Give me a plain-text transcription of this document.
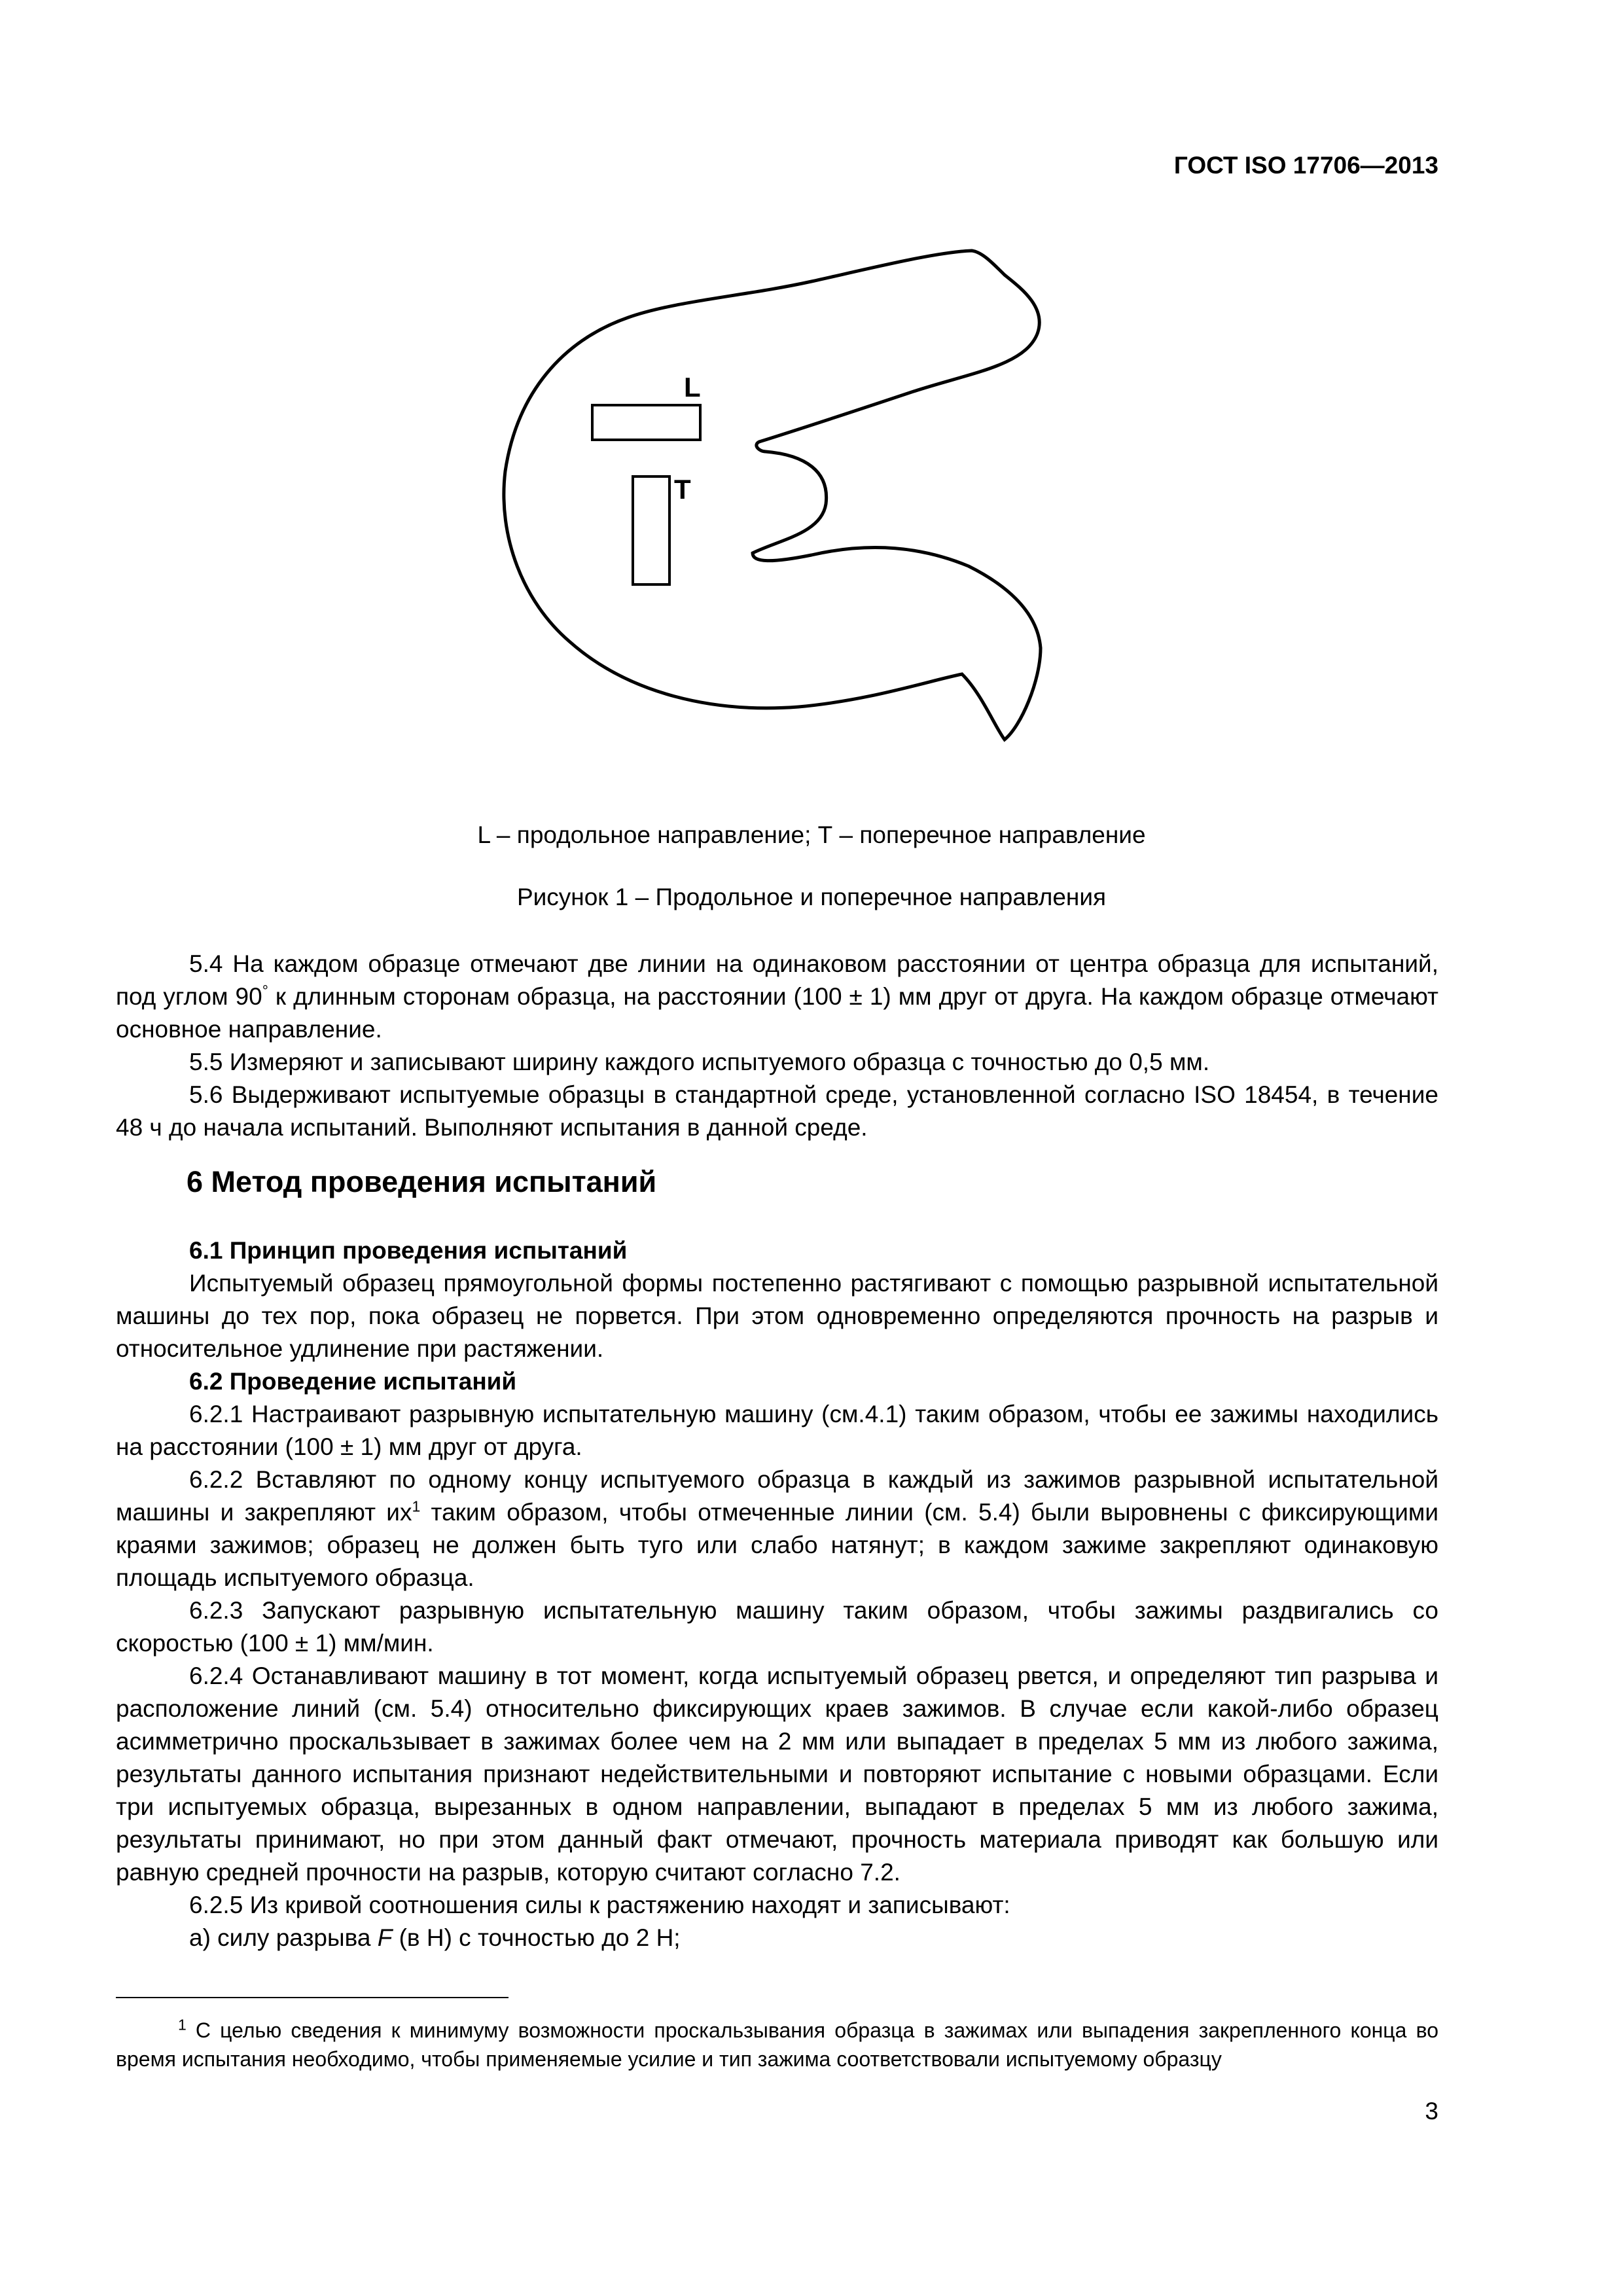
ГОСТ ISO 17706—2013
L
T
L – продольное направление; Т – поперечное направление
Рисунок 1 – Продольное и поперечное направления

5.4 На каждом образце отмечают две линии на одинаковом расстоянии от центра образца для испытаний, под углом 90° к длинным сторонам образца, на расстоянии (100 ± 1) мм друг от друга. На каждом образце отмечают основное направление.

5.5 Измеряют и записывают ширину каждого испытуемого образца с точностью до 0,5 мм.

5.6 Выдерживают испытуемые образцы в стандартной среде, установленной согласно ISO 18454, в течение 48 ч до начала испытаний. Выполняют испытания в данной среде.

6 Метод проведения испытаний

6.1 Принцип проведения испытаний

Испытуемый образец прямоугольной формы постепенно растягивают с помощью разрывной испытательной машины до тех пор, пока образец не порвется. При этом одновременно определяются прочность на разрыв и относительное удлинение при растяжении.

6.2 Проведение испытаний

6.2.1 Настраивают разрывную испытательную машину (см.4.1) таким образом, чтобы ее зажимы находились на расстоянии (100 ± 1) мм друг от друга.

6.2.2 Вставляют по одному концу испытуемого образца в каждый из зажимов разрывной испытательной машины и закрепляют $их^1$ таким образом, чтобы отмеченные линии (см. 5.4) были выровнены с фиксирующими краями зажимов; образец не должен быть туго или слабо натянут; в каждом зажиме закрепляют одинаковую площадь испытуемого образца.

6.2.3 Запускают разрывную испытательную машину таким образом, чтобы зажимы раздвигались со скоростью (100 ± 1) мм/мин.

6.2.4 Останавливают машину в тот момент, когда испытуемый образец рвется, и определяют тип разрыва и расположение линий (см. 5.4) относительно фиксирующих краев зажимов. В случае если какой-либо образец асимметрично проскальзывает в зажимах более чем на 2 мм или выпадает в пределах 5 мм из любого зажима, результаты данного испытания признают недействительными и повторяют испытание с новыми образцами. Если три испытуемых образца, вырезанных в одном направлении, выпадают в пределах 5 мм из любого зажима, результаты принимают, но при этом данный факт отмечают, прочность материала приводят как большую или равную средней прочности на разрыв, которую считают согласно 7.2.

6.2.5 Из кривой соотношения силы к растяжению находят и записывают:

а) силу разрыва F (в Н) с точностью до 2 Н;

$^1$ С целью сведения к минимуму возможности проскальзывания образца в зажимах или выпадения закрепленного конца во время испытания необходимо, чтобы применяемые усилие и тип зажима соответствовали испытуемому образцу

3
